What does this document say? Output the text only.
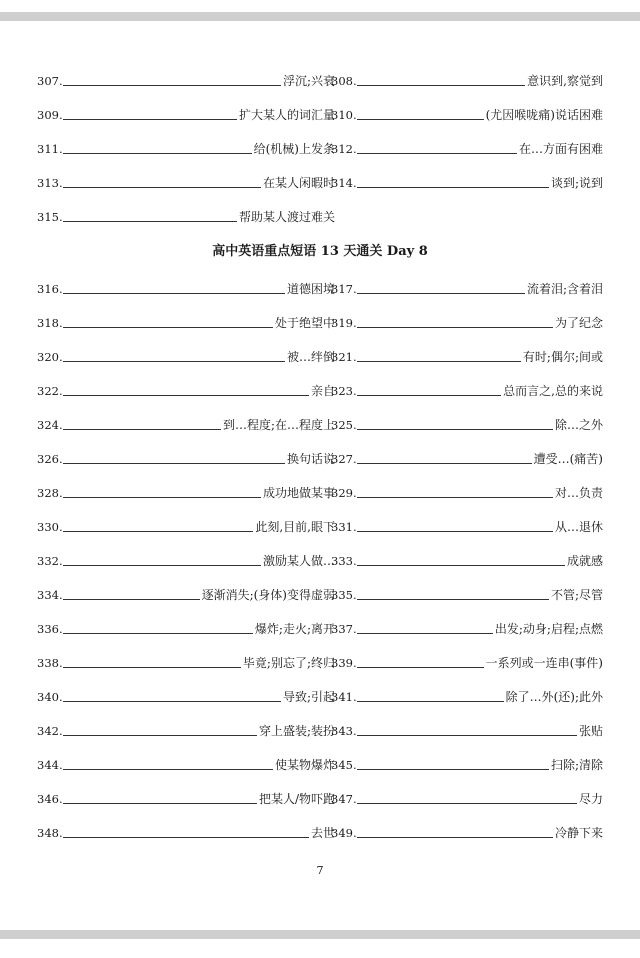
307.	浮沉;兴衰
308.	意识到,察觉到
309.	扩大某人的词汇量
310.	(尤因喉咙痛)说话困难
311.	给(机械)上发条
312.	在…方面有困难
313.	在某人闲暇时
314.	谈到;说到
315.	帮助某人渡过难关
高中英语重点短语 13 天通关 Day 8
316.	道德困境
317.	流着泪;含着泪
318.	处于绝望中
319.	为了纪念
320.	被…绊倒
321.	有时;偶尔;间或
322.	亲自
323.	总而言之,总的来说
324.	到…程度;在…程度上
325.	除…之外
326.	换句话说
327.	遭受…(痛苦)
328.	成功地做某事
329.	对…负责
330.	此刻,目前,眼下
331.	从…退休
332.	激励某人做…
333.	成就感
334.	逐渐消失;(身体)变得虚弱
335.	不管;尽管
336.	爆炸;走火;离开
337.	出发;动身;启程;点燃
338.	毕竟;别忘了;终归
339.	一系列或一连串(事件)
340.	导致;引起
341.	除了…外(还);此外
342.	穿上盛装;装扮
343.	张贴
344.	使某物爆炸
345.	扫除;清除
346.	把某人/物吓跑
347.	尽力
348.	去世
349.	冷静下来
7
